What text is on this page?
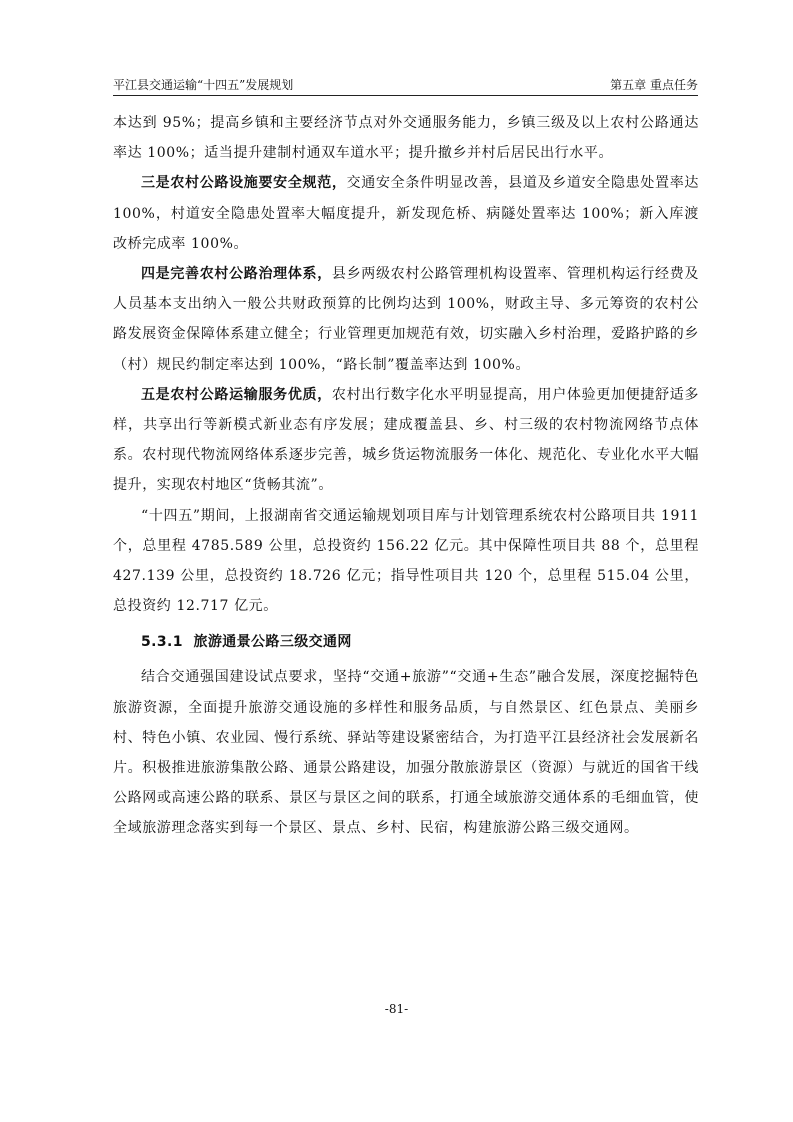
平江县交通运输“十四五”发展规划	第五章 重点任务

本达到 95%；提高乡镇和主要经济节点对外交通服务能力，乡镇三级及以上农村公路通达率达 100%；适当提升建制村通双车道水平；提升撤乡并村后居民出行水平。

三是农村公路设施要安全规范，交通安全条件明显改善，县道及乡道安全隐患处置率达 100%，村道安全隐患处置率大幅度提升，新发现危桥、病隧处置率达 100%；新入库渡改桥完成率 100%。

四是完善农村公路治理体系，县乡两级农村公路管理机构设置率、管理机构运行经费及人员基本支出纳入一般公共财政预算的比例均达到 100%，财政主导、多元筹资的农村公路发展资金保障体系建立健全；行业管理更加规范有效，切实融入乡村治理，爱路护路的乡（村）规民约制定率达到 100%，“路长制”覆盖率达到 100%。

五是农村公路运输服务优质，农村出行数字化水平明显提高，用户体验更加便捷舒适多样，共享出行等新模式新业态有序发展；建成覆盖县、乡、村三级的农村物流网络节点体系。农村现代物流网络体系逐步完善，城乡货运物流服务一体化、规范化、专业化水平大幅提升，实现农村地区“货畅其流”。

“十四五”期间，上报湖南省交通运输规划项目库与计划管理系统农村公路项目共 1911 个，总里程 4785.589 公里，总投资约 156.22 亿元。其中保障性项目共 88 个，总里程 427.139 公里，总投资约 18.726 亿元；指导性项目共 120 个，总里程 515.04 公里，总投资约 12.717 亿元。

5.3.1 旅游通景公路三级交通网

结合交通强国建设试点要求，坚持“交通+旅游”“交通+生态”融合发展，深度挖掘特色旅游资源，全面提升旅游交通设施的多样性和服务品质，与自然景区、红色景点、美丽乡村、特色小镇、农业园、慢行系统、驿站等建设紧密结合，为打造平江县经济社会发展新名片。积极推进旅游集散公路、通景公路建设，加强分散旅游景区（资源）与就近的国省干线公路网或高速公路的联系、景区与景区之间的联系，打通全域旅游交通体系的毛细血管，使全域旅游理念落实到每一个景区、景点、乡村、民宿，构建旅游公路三级交通网。

-81-
